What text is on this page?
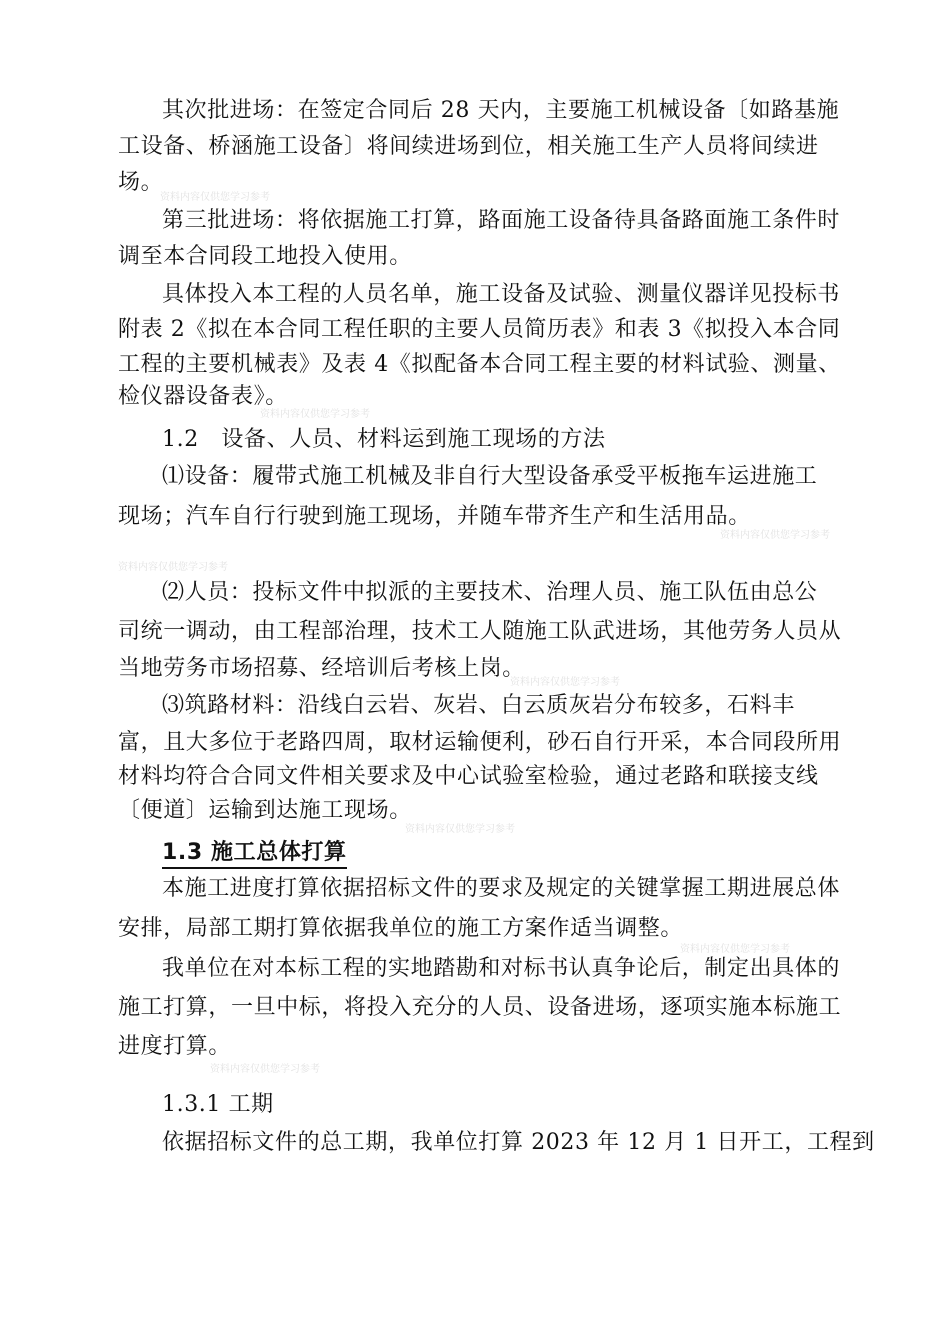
资料内容仅供您学习参考
资料内容仅供您学习参考
资料内容仅供您学习参考
资料内容仅供您学习参考
资料内容仅供您学习参考
资料内容仅供您学习参考
资料内容仅供您学习参考
资料内容仅供您学习参考
其次批进场：在签定合同后 28 天内，主要施工机械设备〔如路基施
工设备、桥涵施工设备〕将间续进场到位，相关施工生产人员将间续进
场。
第三批进场：将依据施工打算，路面施工设备待具备路面施工条件时
调至本合同段工地投入使用。
具体投入本工程的人员名单，施工设备及试验、测量仪器详见投标书
附表 2《拟在本合同工程任职的主要人员简历表》和表 3《拟投入本合同
工程的主要机械表》及表 4《拟配备本合同工程主要的材料试验、测量、
检仪器设备表》。
1.2　设备、人员、材料运到施工现场的方法
⑴设备：履带式施工机械及非自行大型设备承受平板拖车运进施工
现场；汽车自行行驶到施工现场，并随车带齐生产和生活用品。
⑵人员：投标文件中拟派的主要技术、治理人员、施工队伍由总公
司统一调动，由工程部治理，技术工人随施工队武进场，其他劳务人员从
当地劳务市场招募、经培训后考核上岗。
⑶筑路材料：沿线白云岩、灰岩、白云质灰岩分布较多，石料丰
富，且大多位于老路四周，取材运输便利，砂石自行开采，本合同段所用
材料均符合合同文件相关要求及中心试验室检验，通过老路和联接支线
〔便道〕运输到达施工现场。
1.3 施工总体打算
本施工进度打算依据招标文件的要求及规定的关键掌握工期进展总体
安排，局部工期打算依据我单位的施工方案作适当调整。
我单位在对本标工程的实地踏勘和对标书认真争论后，制定出具体的
施工打算，一旦中标，将投入充分的人员、设备进场，逐项实施本标施工
进度打算。
1.3.1 工期
依据招标文件的总工期，我单位打算 2023 年 12 月 1 日开工，工程到
